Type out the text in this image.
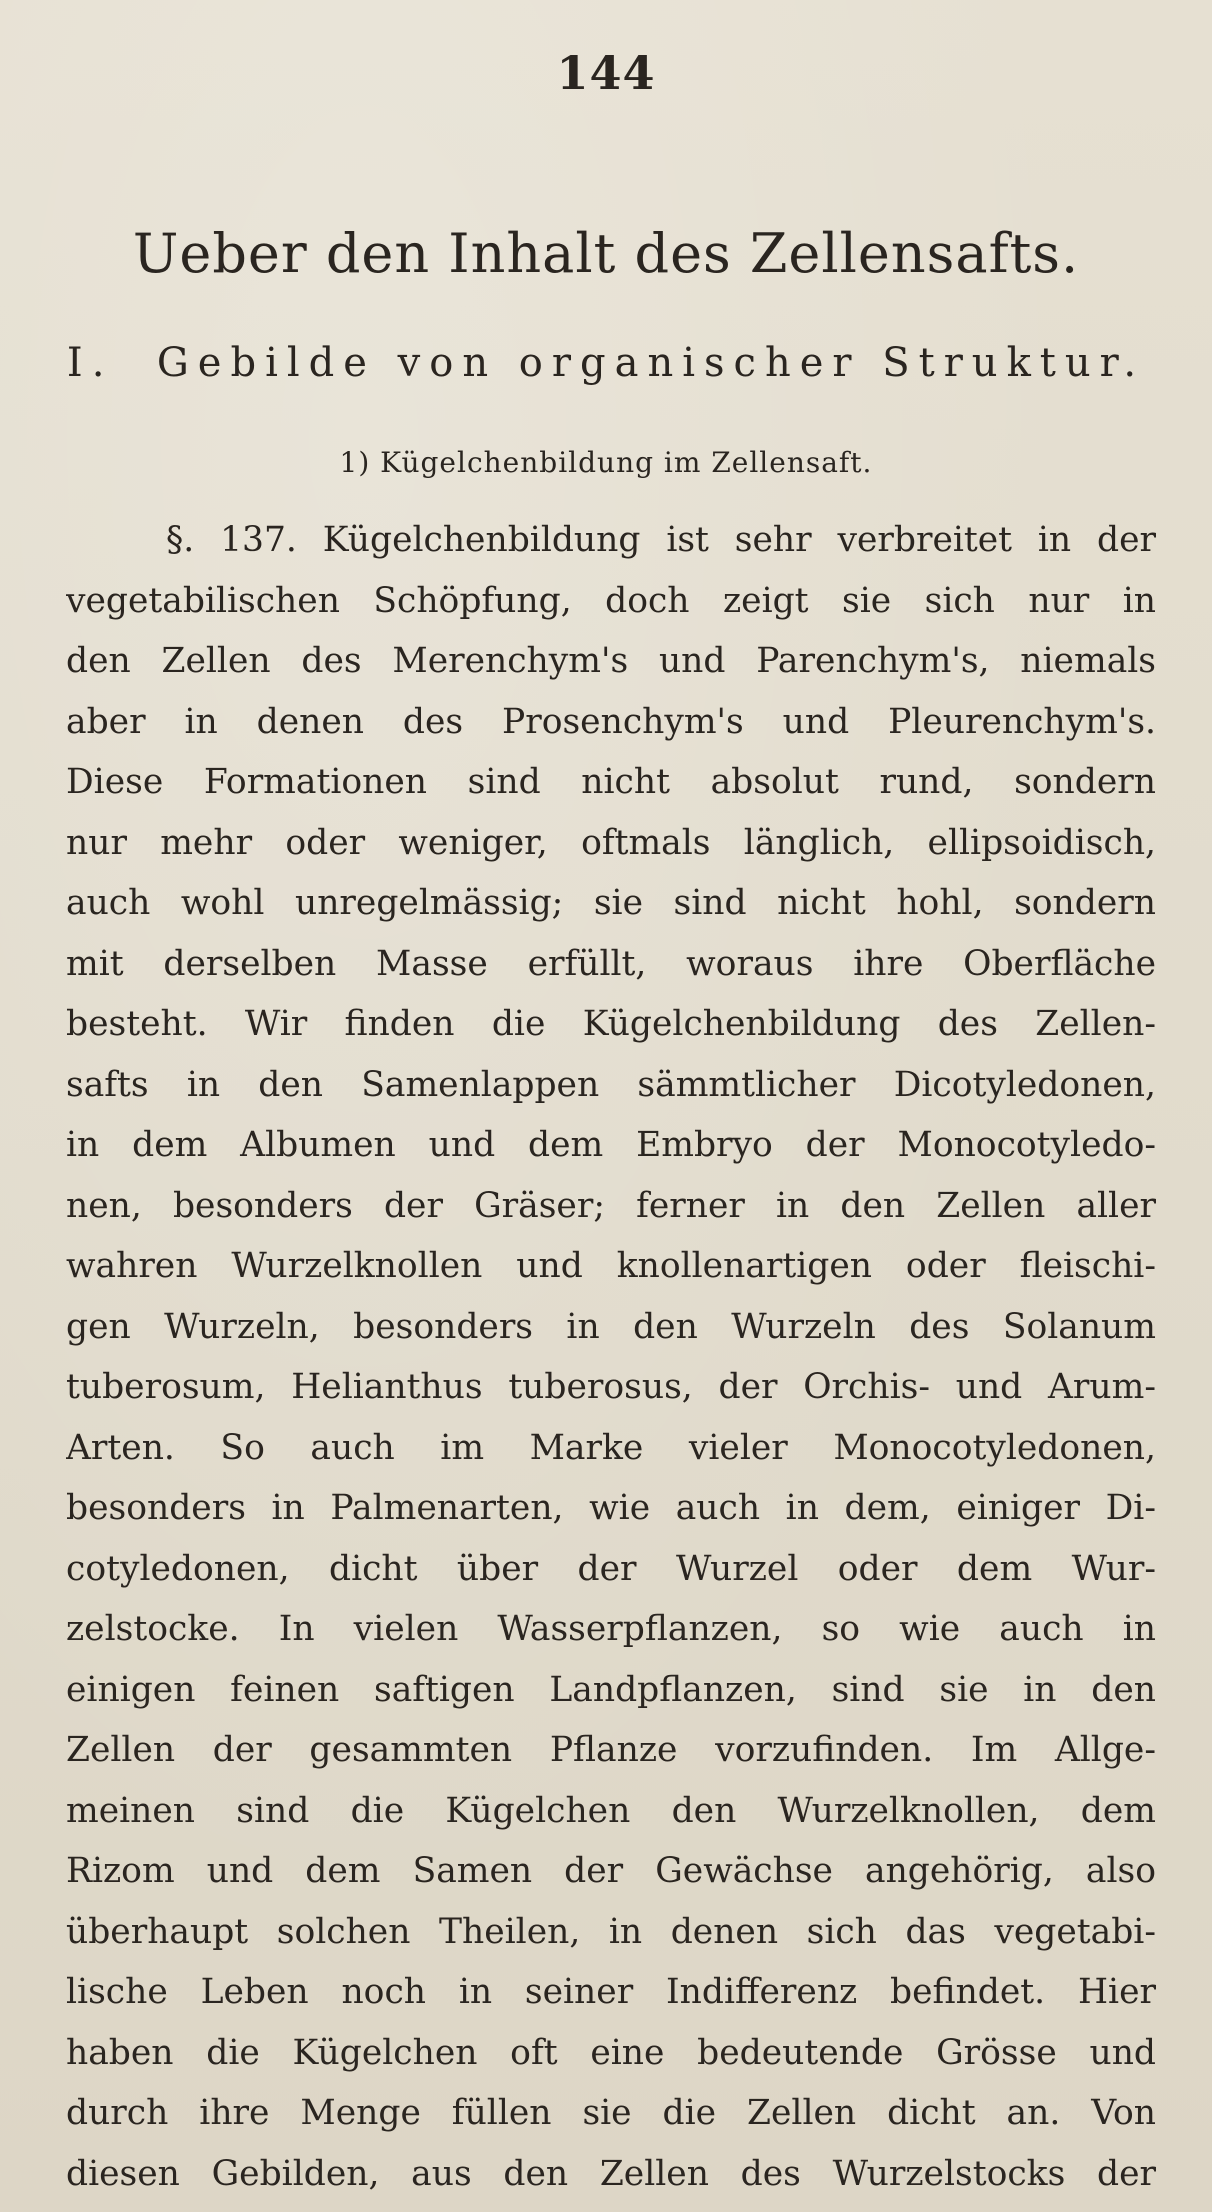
144
Ueber den Inhalt des Zellensafts.
I.  Gebilde von organischer Struktur.
1) Kügelchenbildung im Zellensaft.
§. 137. Kügelchenbildung ist sehr verbreitet in der
vegetabilischen Schöpfung, doch zeigt sie sich nur in
den Zellen des Merenchym's und Parenchym's, niemals
aber in denen des Prosenchym's und Pleurenchym's.
Diese Formationen sind nicht absolut rund, sondern
nur mehr oder weniger, oftmals länglich, ellipsoidisch,
auch wohl unregelmässig; sie sind nicht hohl, sondern
mit derselben Masse erfüllt, woraus ihre Oberfläche
besteht. Wir finden die Kügelchenbildung des Zellen-
safts in den Samenlappen sämmtlicher Dicotyledonen,
in dem Albumen und dem Embryo der Monocotyledo-
nen, besonders der Gräser; ferner in den Zellen aller
wahren Wurzelknollen und knollenartigen oder fleischi-
gen Wurzeln, besonders in den Wurzeln des Solanum
tuberosum, Helianthus tuberosus, der Orchis- und Arum-
Arten. So auch im Marke vieler Monocotyledonen,
besonders in Palmenarten, wie auch in dem, einiger Di-
cotyledonen, dicht über der Wurzel oder dem Wur-
zelstocke. In vielen Wasserpflanzen, so wie auch in
einigen feinen saftigen Landpflanzen, sind sie in den
Zellen der gesammten Pflanze vorzufinden. Im Allge-
meinen sind die Kügelchen den Wurzelknollen, dem
Rizom und dem Samen der Gewächse angehörig, also
überhaupt solchen Theilen, in denen sich das vegetabi-
lische Leben noch in seiner Indifferenz befindet. Hier
haben die Kügelchen oft eine bedeutende Grösse und
durch ihre Menge füllen sie die Zellen dicht an. Von
diesen Gebilden, aus den Zellen des Wurzelstocks der
